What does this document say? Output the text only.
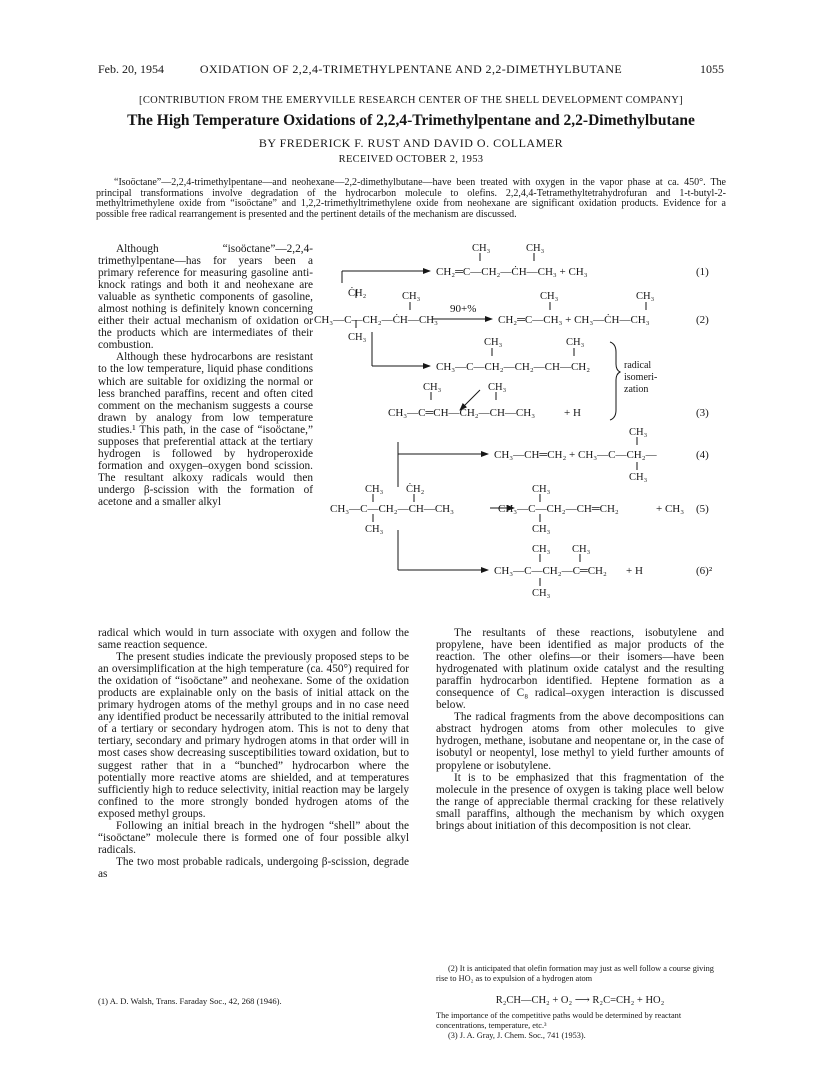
Feb. 20, 1954	OXIDATION OF 2,2,4-TRIMETHYLPENTANE AND 2,2-DIMETHYLBUTANE	1055
[CONTRIBUTION FROM THE EMERYVILLE RESEARCH CENTER OF THE SHELL DEVELOPMENT COMPANY]
The High Temperature Oxidations of 2,2,4-Trimethylpentane and 2,2-Dimethylbutane
BY FREDERICK F. RUST AND DAVID O. COLLAMER
RECEIVED OCTOBER 2, 1953

“Isoöctane”—2,2,4-trimethylpentane—and neohexane—2,2-dimethylbutane—have been treated with oxygen in the vapor phase at ca. 450°. The principal transformations involve degradation of the hydrocarbon molecule to olefins. 2,2,4,4-Tetramethyltetrahydrofuran and 1-t-butyl-2-methyltrimethylene oxide from “isoöctane” and 1,2,2-trimethyltrimethylene oxide from neohexane are significant oxidation products. Evidence for a possible free radical rearrangement is presented and the pertinent details of the mechanism are discussed.

Although “isoöctane”—2,2,4-trimethylpentane—has for years been a primary reference for measuring gasoline anti-knock ratings and both it and neohexane are valuable as synthetic components of gasoline, almost nothing is definitely known concerning either their actual mechanism of oxidation or the products which are intermediates of their combustion.

Although these hydrocarbons are resistant to the low temperature, liquid phase conditions which are suitable for oxidizing the normal or less branched paraffins, recent and often cited comment on the mechanism suggests a course drawn by analogy from low temperature studies.¹ This path, in the case of “isoöctane,” supposes that preferential attack at the tertiary hydrogen is followed by hydroperoxide formation and oxygen–oxygen bond scission. The resultant alkoxy radicals would then undergo β-scission with the formation of acetone and a smaller alkyl

radical which would in turn associate with oxygen and follow the same reaction sequence.

The present studies indicate the previously proposed steps to be an oversimplification at the high temperature (ca. 450°) required for the oxidation of “isoöctane” and neohexane. Some of the oxidation products are explainable only on the basis of initial attack on the primary hydrogen atoms of the methyl groups and in no case need any identified product be necessarily attributed to the initial removal of a tertiary or secondary hydrogen atom. This is not to deny that tertiary, secondary and primary hydrogen atoms in that order will in most cases show decreasing susceptibilities toward oxidation, but to suggest rather that in a “bunched” hydrocarbon where the potentially more reactive atoms are shielded, and at temperatures sufficiently high to reduce selectivity, initial reaction may be largely confined to the more strongly bonded hydrogen atoms of the exposed methyl groups.

Following an initial breach in the hydrogen “shell” about the “isoöctane” molecule there is formed one of four possible alkyl radicals.

The two most probable radicals, undergoing β-scission, degrade as

The resultants of these reactions, isobutylene and propylene, have been identified as major products of the reaction. The other olefins—or their isomers—have been hydrogenated with platinum oxide catalyst and the resulting paraffin hydrocarbon identified. Heptene formation as a consequence of C₈ radical–oxygen interaction is discussed below.

The radical fragments from the above decompositions can abstract hydrogen atoms from other molecules to give hydrogen, methane, isobutane and neopentane or, in the case of isobutyl or neopentyl, lose methyl to yield further amounts of propylene or isobutylene.

It is to be emphasized that this fragmentation of the molecule in the presence of oxygen is taking place well below the range of appreciable thermal cracking for these relatively small paraffins, although the mechanism by which oxygen brings about initiation of this decomposition is not clear.

(1) A. D. Walsh, Trans. Faraday Soc., 42, 268 (1946).

(2) It is anticipated that olefin formation may just as well follow a course giving rise to HO₂ as to expulsion of a hydrogen atom

R₂CH—CH₂ + O₂ ⟶ R₂C=CH₂ + HO₂

The importance of the competitive paths would be determined by reactant concentrations, temperature, etc.³

(3) J. A. Gray, J. Chem. Soc., 741 (1953).

CH₃	CH₃
CH₂═C—CH₂—ĊH—CH₃ + CH₃	(1)
ĊH₂	CH₃
CH₃—C—CH₂—ĊH—CH₃
CH₃
90+%
CH₃	CH₃
CH₂═C—CH₃ + CH₃—ĊH—CH₃	(2)
CH₃	CH₃
CH₃—C—CH₂—CH₂—CH—CH₂	radical
isomeri-
zation
CH₃	CH₃
CH₃—C═CH—CH₂—CH—CH₃	+ H	(3)
CH₃
CH₃—CH═CH₂ + CH₃—C—CH₂—	(4)
CH₃
CH₃ ĊH₂
CH₃—C—CH₂—CH—CH₃
CH₃
CH₃
CH₃—C—CH₂—CH═CH₂	+ CH₃ (5)
CH₃
CH₃ CH₃
CH₃—C—CH₂—C═CH₂ + H	(6)²
CH₃
